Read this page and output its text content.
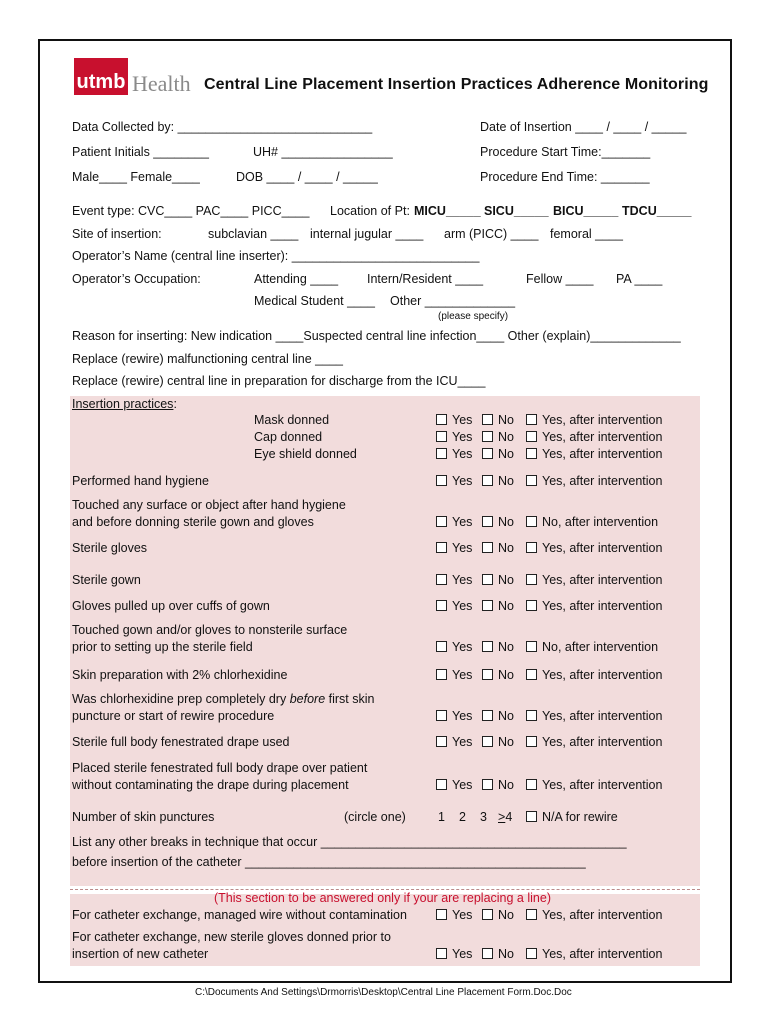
utmb Health Central Line Placement Insertion Practices Adherence Monitoring
Data Collected by: ____________________________	Date of Insertion ____ / ____ / _____
Patient Initials ________	UH# ________________	Procedure Start Time:_______
Male____ Female____	DOB ____ / ____ / _____	Procedure End Time: _______
Event type: CVC____ PAC____ PICC____ Location of Pt: MICU_____ SICU_____ BICU_____ TDCU_____
Site of insertion:	subclavian ____ internal jugular ____ arm (PICC) ____ femoral ____
Operator’s Name (central line inserter): ___________________________
Operator’s Occupation:	Attending ____ Intern/Resident ____	Fellow ____ PA ____
Medical Student ____ Other _____________
(please specify)
Reason for inserting: New indication ____Suspected central line infection____ Other (explain)_____________
Replace (rewire) malfunctioning central line ____
Replace (rewire) central line in preparation for discharge from the ICU____
Insertion practices:
Mask donned	Yes	No	Yes, after intervention
Cap donned	Yes	No	Yes, after intervention
Eye shield donned	Yes	No	Yes, after intervention
Performed hand hygiene	Yes	No	Yes, after intervention
Touched any surface or object after hand hygiene
and before donning sterile gown and gloves	Yes	No	No, after intervention
Sterile gloves	Yes	No	Yes, after intervention
Sterile gown	Yes	No	Yes, after intervention
Gloves pulled up over cuffs of gown	Yes	No	Yes, after intervention
Touched gown and/or gloves to nonsterile surface
prior to setting up the sterile field	Yes	No	No, after intervention
Skin preparation with 2% chlorhexidine	Yes	No	Yes, after intervention
Was chlorhexidine prep completely dry before first skin
puncture or start of rewire procedure	Yes	No	Yes, after intervention
Sterile full body fenestrated drape used	Yes	No	Yes, after intervention
Placed sterile fenestrated full body drape over patient
without contaminating the drape during placement	Yes	No	Yes, after intervention
Number of skin punctures	(circle one)	1 2 3 ≥4	N/A for rewire
List any other breaks in technique that occur ____________________________________________
before insertion of the catheter _________________________________________________
(This section to be answered only if your are replacing a line)
For catheter exchange, managed wire without contamination	Yes	No	Yes, after intervention
For catheter exchange, new sterile gloves donned prior to
insertion of new catheter	Yes	No	Yes, after intervention
C:\Documents And Settings\Drmorris\Desktop\Central Line Placement Form.Doc.Doc
